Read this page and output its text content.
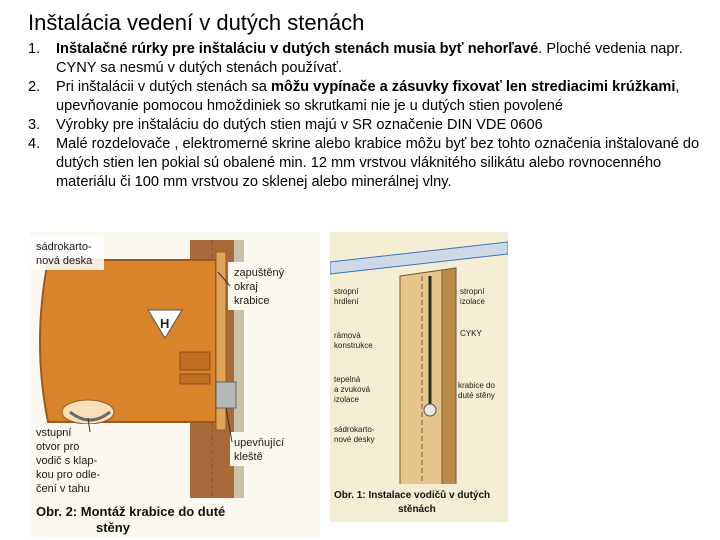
Inštalácia vedení v dutých stenách
1. Inštalačné rúrky pre inštaláciu v dutých stenách musia byť nehorľavé. Ploché vedenia napr. CYNY sa nesmú v dutých stenách používať.
2. Pri inštalácii v dutých stenách sa môžu vypínače a zásuvky fixovať len strediacimi krúžkami, upevňovanie pomocou hmoždiniek so skrutkami nie je u dutých stien povolené
3. Výrobky pre inštaláciu do dutých stien majú v SR označenie DIN VDE 0606
4. Malé rozdelovače , elektromerné skrine alebo krabice môžu byť bez tohto označenia inštalované do dutých stien len pokial sú obalené min. 12 mm vrstvou vláknitého silikátu alebo rovnocenného materiálu či 100 mm vrstvou zo sklenej alebo minerálnej vlny.
H
sádrokarto-
nová deska
zapuštěný
okraj
krabice
vstupní
otvor pro
vodič s klap-
kou pro odle-
čení v tahu
upevňující
kleště
Obr. 2: Montáž krabice do duté
stěny
stropní
hrdlení
stropní
izolace
rámová
konstrukce
CYKY
tepelná
a zvuková
izolace
krabice do
duté stěny
sádrokarto-
nové desky
Obr. 1: Instalace vodičů v dutých
stěnách
